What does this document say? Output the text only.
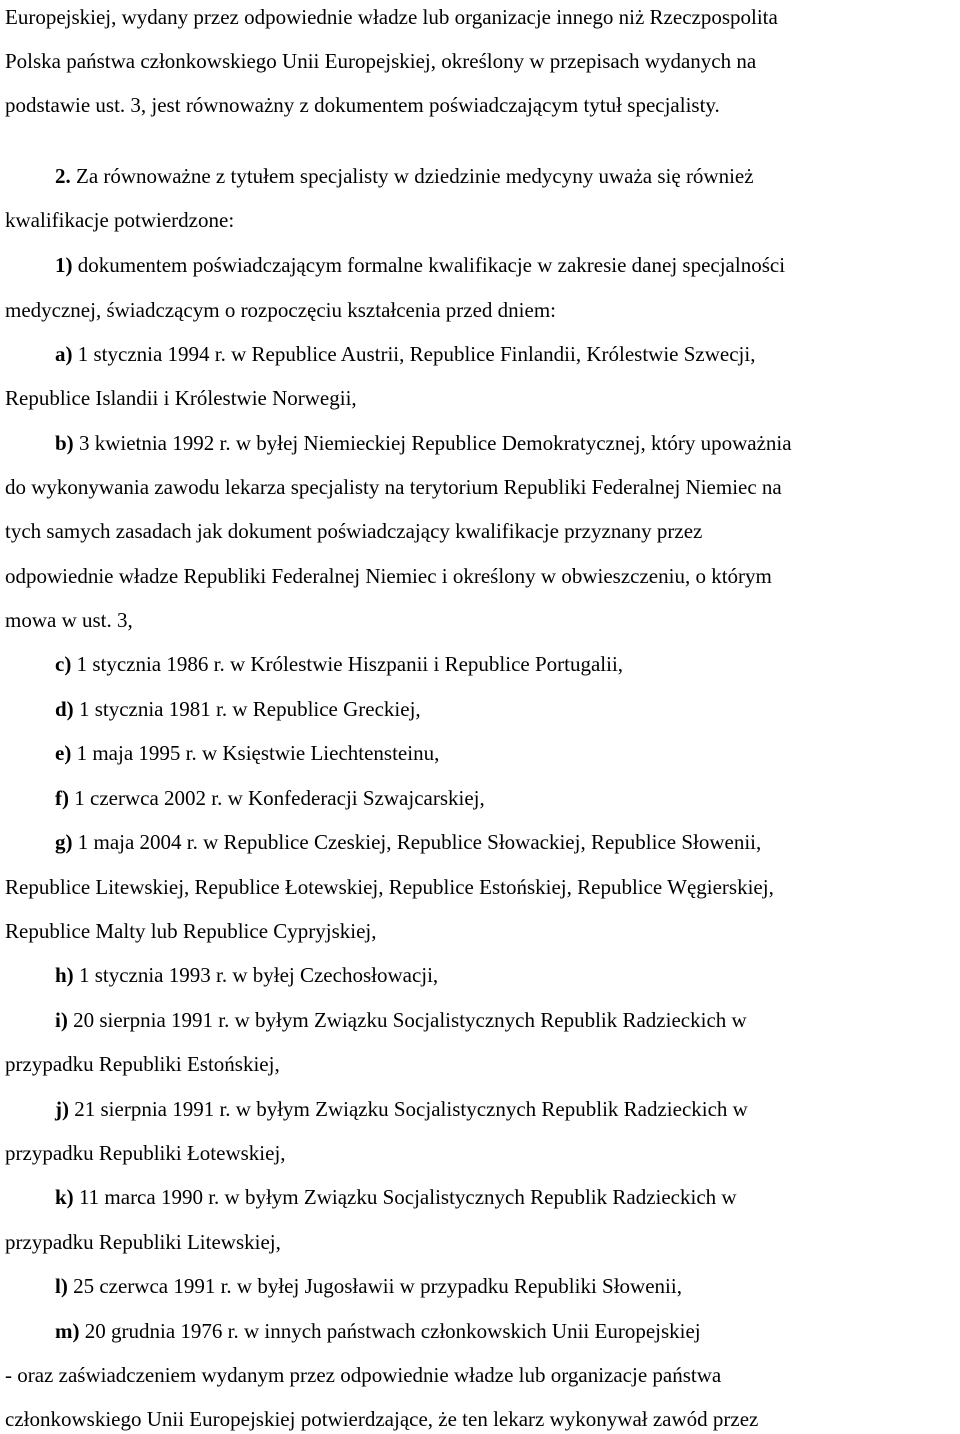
Europejskiej, wydany przez odpowiednie władze lub organizacje innego niż Rzeczpospolita

Polska państwa członkowskiego Unii Europejskiej, określony w przepisach wydanych na

podstawie ust. 3, jest równoważny z dokumentem poświadczającym tytuł specjalisty.

2. Za równoważne z tytułem specjalisty w dziedzinie medycyny uważa się również

kwalifikacje potwierdzone:

1) dokumentem poświadczającym formalne kwalifikacje w zakresie danej specjalności

medycznej, świadczącym o rozpoczęciu kształcenia przed dniem:

a) 1 stycznia 1994 r. w Republice Austrii, Republice Finlandii, Królestwie Szwecji,

Republice Islandii i Królestwie Norwegii,

b) 3 kwietnia 1992 r. w byłej Niemieckiej Republice Demokratycznej, który upoważnia

do wykonywania zawodu lekarza specjalisty na terytorium Republiki Federalnej Niemiec na

tych samych zasadach jak dokument poświadczający kwalifikacje przyznany przez

odpowiednie władze Republiki Federalnej Niemiec i określony w obwieszczeniu, o którym

mowa w ust. 3,

c) 1 stycznia 1986 r. w Królestwie Hiszpanii i Republice Portugalii,

d) 1 stycznia 1981 r. w Republice Greckiej,

e) 1 maja 1995 r. w Księstwie Liechtensteinu,

f) 1 czerwca 2002 r. w Konfederacji Szwajcarskiej,

g) 1 maja 2004 r. w Republice Czeskiej, Republice Słowackiej, Republice Słowenii,

Republice Litewskiej, Republice Łotewskiej, Republice Estońskiej, Republice Węgierskiej,

Republice Malty lub Republice Cypryjskiej,

h) 1 stycznia 1993 r. w byłej Czechosłowacji,

i) 20 sierpnia 1991 r. w byłym Związku Socjalistycznych Republik Radzieckich w

przypadku Republiki Estońskiej,

j) 21 sierpnia 1991 r. w byłym Związku Socjalistycznych Republik Radzieckich w

przypadku Republiki Łotewskiej,

k) 11 marca 1990 r. w byłym Związku Socjalistycznych Republik Radzieckich w

przypadku Republiki Litewskiej,

l) 25 czerwca 1991 r. w byłej Jugosławii w przypadku Republiki Słowenii,

m) 20 grudnia 1976 r. w innych państwach członkowskich Unii Europejskiej

- oraz zaświadczeniem wydanym przez odpowiednie władze lub organizacje państwa

członkowskiego Unii Europejskiej potwierdzające, że ten lekarz wykonywał zawód przez
